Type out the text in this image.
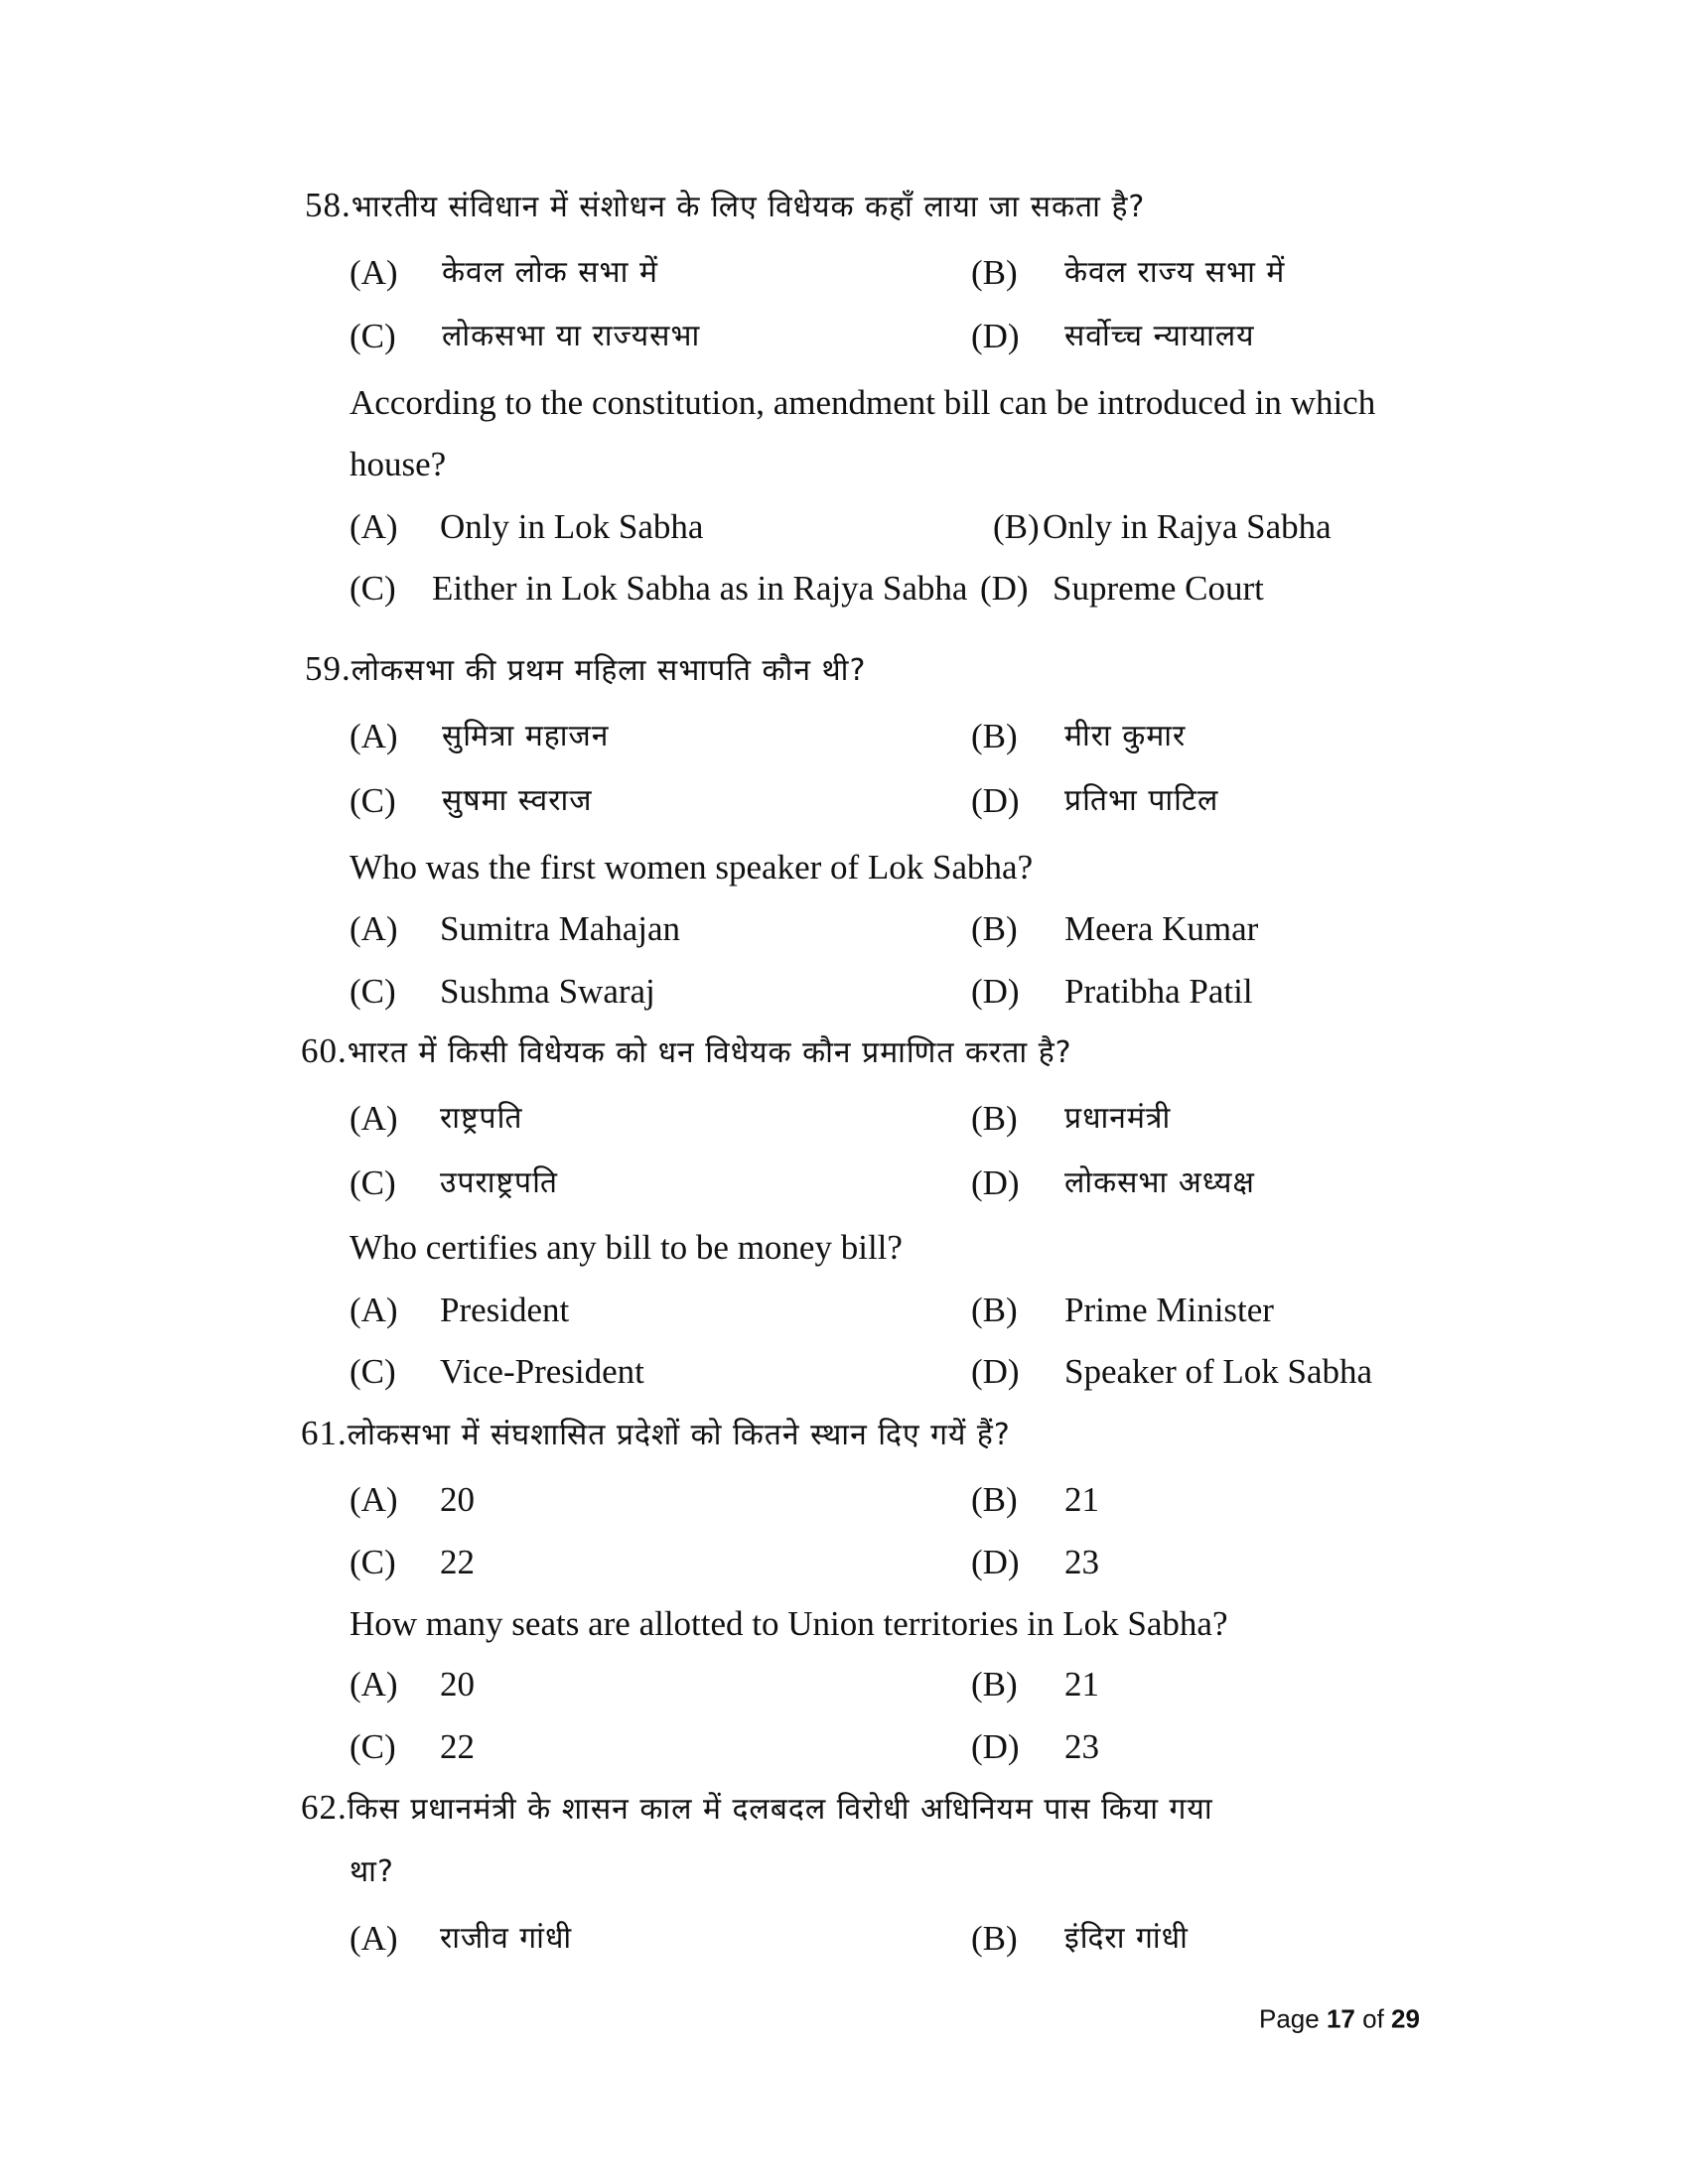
58.भारतीय संविधान में संशोधन के लिए विधेयक कहाँ लाया जा सकता है?
(A) केवल लोक सभा में	(B) केवल राज्य सभा में
(C) लोकसभा या राज्यसभा	(D) सर्वोच्च न्यायालय
According to the constitution, amendment bill can be introduced in which
house?
(A) Only in Lok Sabha	(B) Only in Rajya Sabha
(C) Either in Lok Sabha as in Rajya Sabha (D) Supreme Court
59.लोकसभा की प्रथम महिला सभापति कौन थी?
(A) सुमित्रा महाजन	(B) मीरा कुमार
(C) सुषमा स्वराज	(D) प्रतिभा पाटिल
Who was the first women speaker of Lok Sabha?
(A) Sumitra Mahajan	(B) Meera Kumar
(C) Sushma Swaraj	(D) Pratibha Patil
60.भारत में किसी विधेयक को धन विधेयक कौन प्रमाणित करता है?
(A) राष्ट्रपति	(B) प्रधानमंत्री
(C) उपराष्ट्रपति	(D) लोकसभा अध्यक्ष
Who certifies any bill to be money bill?
(A) President	(B) Prime Minister
(C) Vice-President	(D) Speaker of Lok Sabha
61.लोकसभा में संघशासित प्रदेशों को कितने स्थान दिए गयें हैं?
(A) 20	(B) 21
(C) 22	(D) 23
How many seats are allotted to Union territories in Lok Sabha?
(A) 20	(B) 21
(C) 22	(D) 23
62.किस प्रधानमंत्री के शासन काल में दलबदल विरोधी अधिनियम पास किया गया
था?
(A) राजीव गांधी	(B) इंदिरा गांधी
Page 17 of 29
